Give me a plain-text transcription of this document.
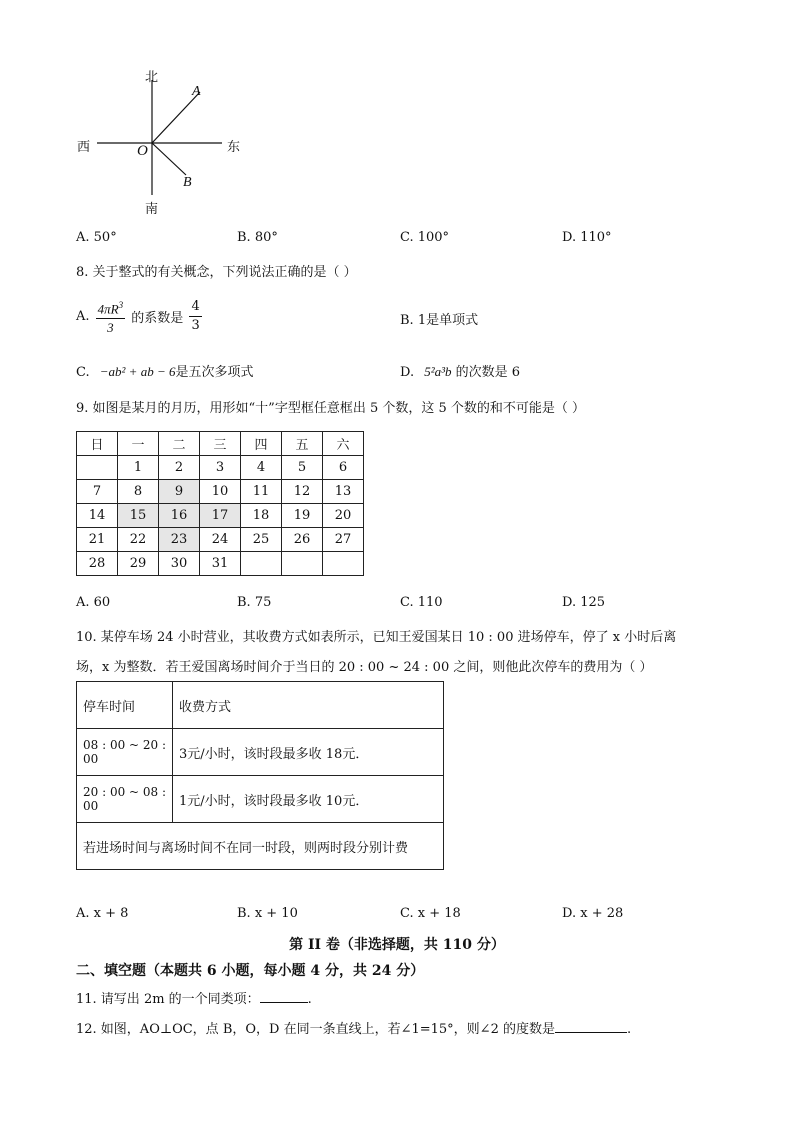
北
南
西	东
O
A
B
A. 50°	B. 80°	C. 100°	D. 110°
8. 关于整式的有关概念，下列说法正确的是（ ）
A. $\frac{4\pi R^3}{3}$ 的系数是 $\frac{4}{3}$	B. 1是单项式
C. −ab² + ab − 6是五次多项式	D. 5²a³b 的次数是 6
9. 如图是某月的月历，用形如“十”字型框任意框出 5 个数，这 5 个数的和不可能是（ ）
日	一	二	三	四	五	六
	1	2	3	4	5	6
7	8	9	10	11	12	13
14	15	16	17	18	19	20
21	22	23	24	25	26	27
28	29	30	31			
A. 60	B. 75	C. 110	D. 125
10. 某停车场 24 小时营业，其收费方式如表所示，已知王爱国某日 10 : 00 进场停车，停了 x 小时后离
场，x 为整数．若王爱国离场时间介于当日的 20 : 00 ~ 24 : 00 之间，则他此次停车的费用为（ ）
停车时间	收费方式
08 : 00 ~ 20 : 00	3元/小时，该时段最多收 18元．
20 : 00 ~ 08 : 00	1元/小时，该时段最多收 10元．
若进场时间与离场时间不在同一时段，则两时段分别计费	
A. x + 8	B. x + 10	C. x + 18	D. x + 28
第 II 卷（非选择题，共 110 分）
二、填空题（本题共 6 小题，每小题 4 分，共 24 分）
11. 请写出 2m 的一个同类项：	.
12. 如图，AO⊥OC，点 B，O，D 在同一条直线上，若∠1=15°，则∠2 的度数是	.
